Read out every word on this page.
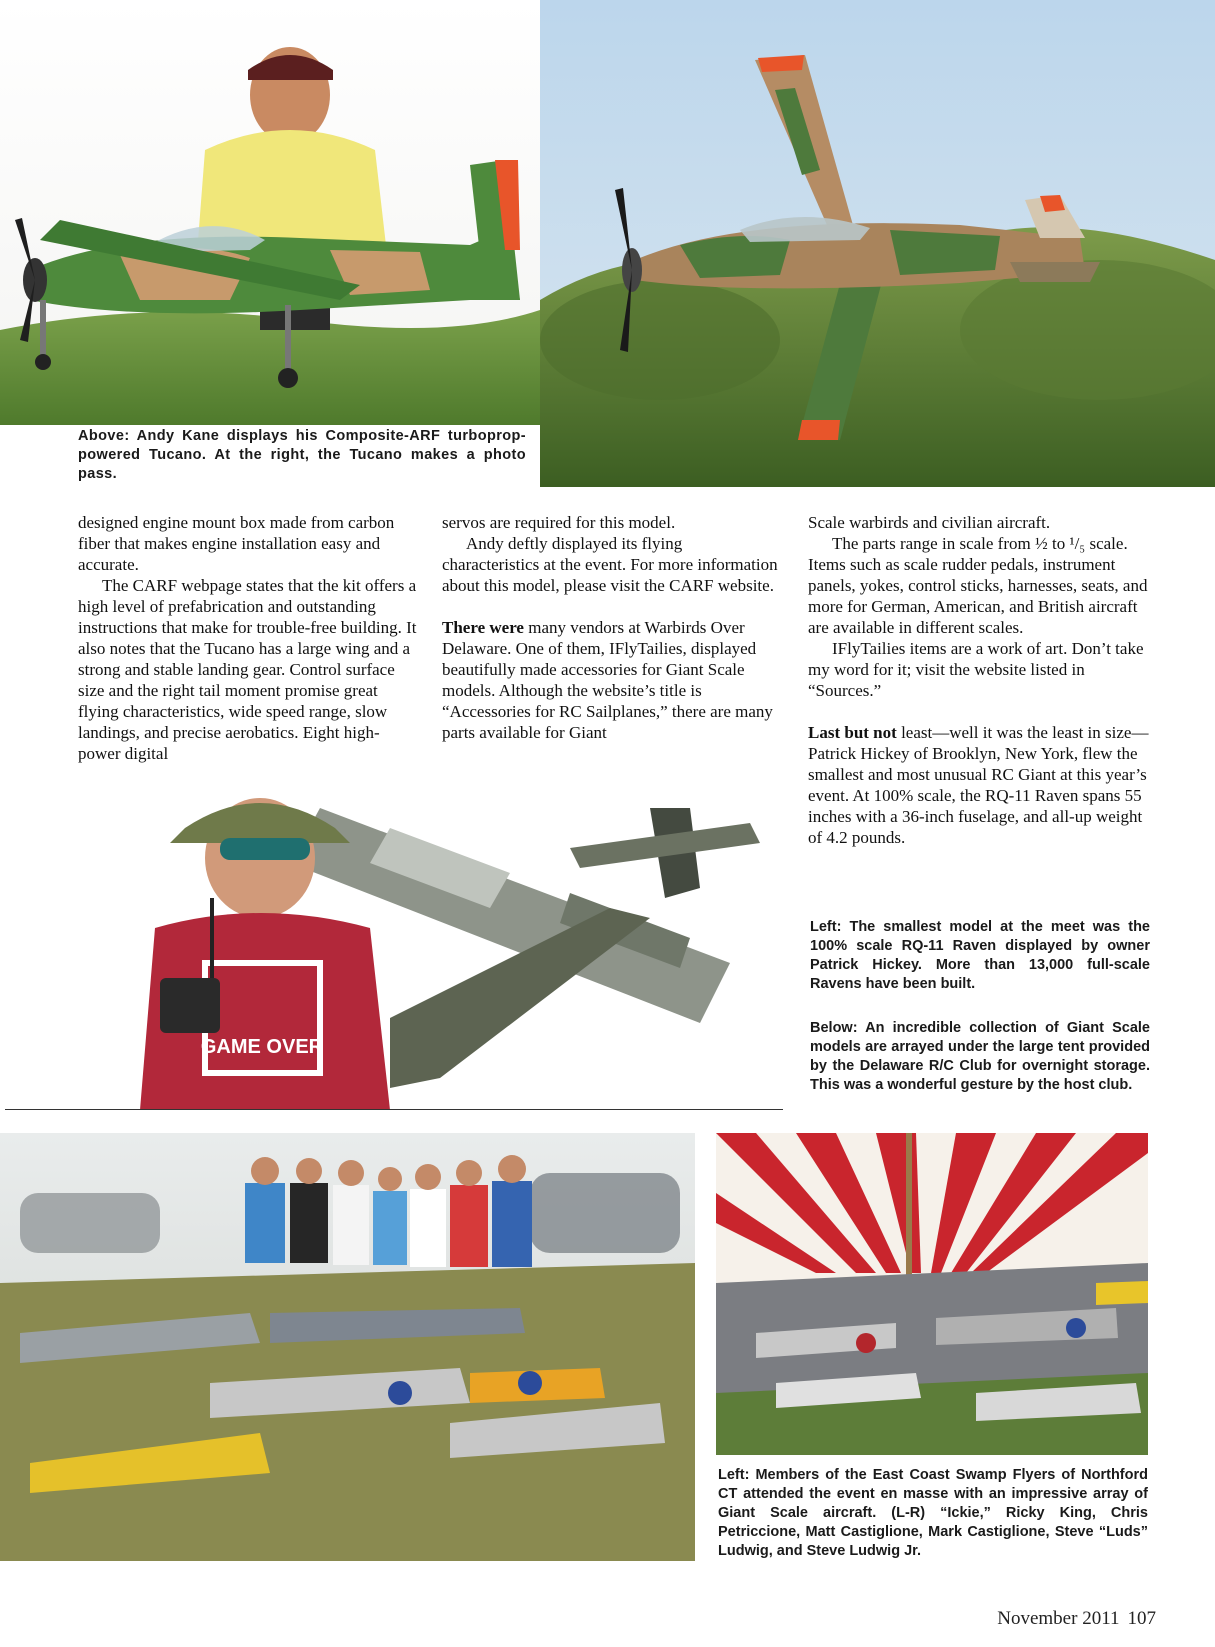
Above: Andy Kane displays his Composite-ARF turboprop-powered Tucano. At the right, the Tucano makes a photo pass.

designed engine mount box made from carbon fiber that makes engine installation easy and accurate.

The CARF webpage states that the kit offers a high level of prefabrication and outstanding instructions that make for trouble-free building. It also notes that the Tucano has a large wing and a strong and stable landing gear. Control surface size and the right tail moment promise great flying characteristics, wide speed range, slow landings, and precise aerobatics. Eight high-power digital

servos are required for this model.

Andy deftly displayed its flying characteristics at the event. For more information about this model, please visit the CARF website.

There were many vendors at Warbirds Over Delaware. One of them, IFlyTailies, displayed beautifully made accessories for Giant Scale models. Although the website’s title is “Accessories for RC Sailplanes,” there are many parts available for Giant

Scale warbirds and civilian aircraft.

The parts range in scale from ½ to ¹/₅ scale. Items such as scale rudder pedals, instrument panels, yokes, control sticks, harnesses, seats, and more for German, American, and British aircraft are available in different scales.

IFlyTailies items are a work of art. Don’t take my word for it; visit the website listed in “Sources.”

Last but not least—well it was the least in size—Patrick Hickey of Brooklyn, New York, flew the smallest and most unusual RC Giant at this year’s event. At 100% scale, the RQ-11 Raven spans 55 inches with a 36-inch fuselage, and all-up weight of 4.2 pounds.

GAME OVER
Left: The smallest model at the meet was the 100% scale RQ-11 Raven displayed by owner Patrick Hickey. More than 13,000 full-scale Ravens have been built.
Below: An incredible collection of Giant Scale models are arrayed under the large tent provided by the Delaware R/C Club for overnight storage. This was a wonderful gesture by the host club.
Left: Members of the East Coast Swamp Flyers of Northford CT attended the event en masse with an impressive array of Giant Scale aircraft. (L-R) “Ickie,” Ricky King, Chris Petriccione, Matt Castiglione, Mark Castiglione, Steve “Luds” Ludwig, and Steve Ludwig Jr.
November 2011 107
